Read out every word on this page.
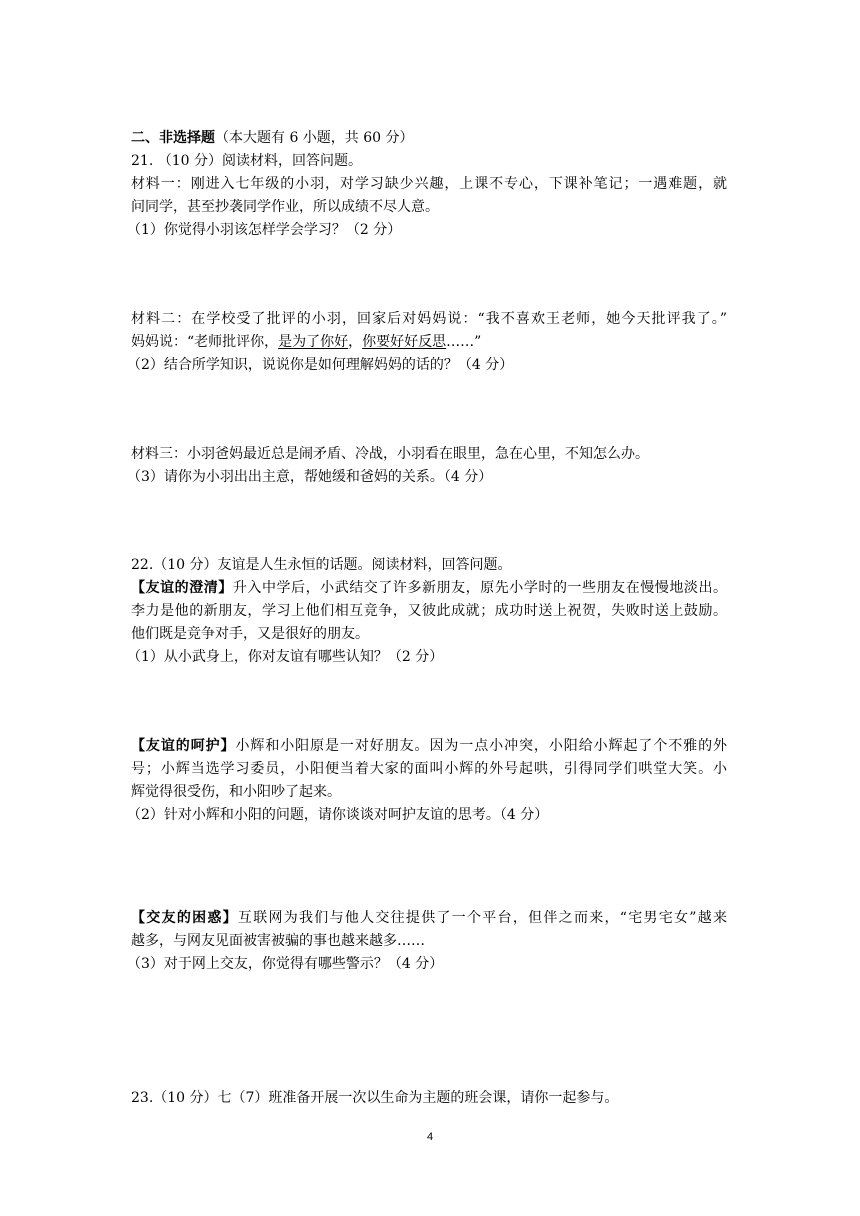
二、非选择题（本大题有 6 小题，共 60 分）
21. （10 分）阅读材料，回答问题。
材料一：刚进入七年级的小羽，对学习缺少兴趣，上课不专心，下课补笔记；一遇难题，就
问同学，甚至抄袭同学作业，所以成绩不尽人意。
（1）你觉得小羽该怎样学会学习？（2 分）
材料二：在学校受了批评的小羽，回家后对妈妈说：“我不喜欢王老师，她今天批评我了。”
妈妈说：“老师批评你，是为了你好，你要好好反思……”
（2）结合所学知识，说说你是如何理解妈妈的话的？（4 分）
材料三：小羽爸妈最近总是闹矛盾、冷战，小羽看在眼里，急在心里，不知怎么办。
（3）请你为小羽出出主意，帮她缓和爸妈的关系。（4 分）
22.（10 分）友谊是人生永恒的话题。阅读材料，回答问题。
【友谊的澄清】升入中学后，小武结交了许多新朋友，原先小学时的一些朋友在慢慢地淡出。
李力是他的新朋友，学习上他们相互竞争，又彼此成就；成功时送上祝贺，失败时送上鼓励。
他们既是竞争对手，又是很好的朋友。
（1）从小武身上，你对友谊有哪些认知？（2 分）
【友谊的呵护】小辉和小阳原是一对好朋友。因为一点小冲突，小阳给小辉起了个不雅的外
号；小辉当选学习委员，小阳便当着大家的面叫小辉的外号起哄，引得同学们哄堂大笑。小
辉觉得很受伤，和小阳吵了起来。
（2）针对小辉和小阳的问题，请你谈谈对呵护友谊的思考。（4 分）
【交友的困惑】互联网为我们与他人交往提供了一个平台，但伴之而来，“宅男宅女”越来
越多，与网友见面被害被骗的事也越来越多……
（3）对于网上交友，你觉得有哪些警示？（4 分）
23.（10 分）七（7）班准备开展一次以生命为主题的班会课，请你一起参与。
4
